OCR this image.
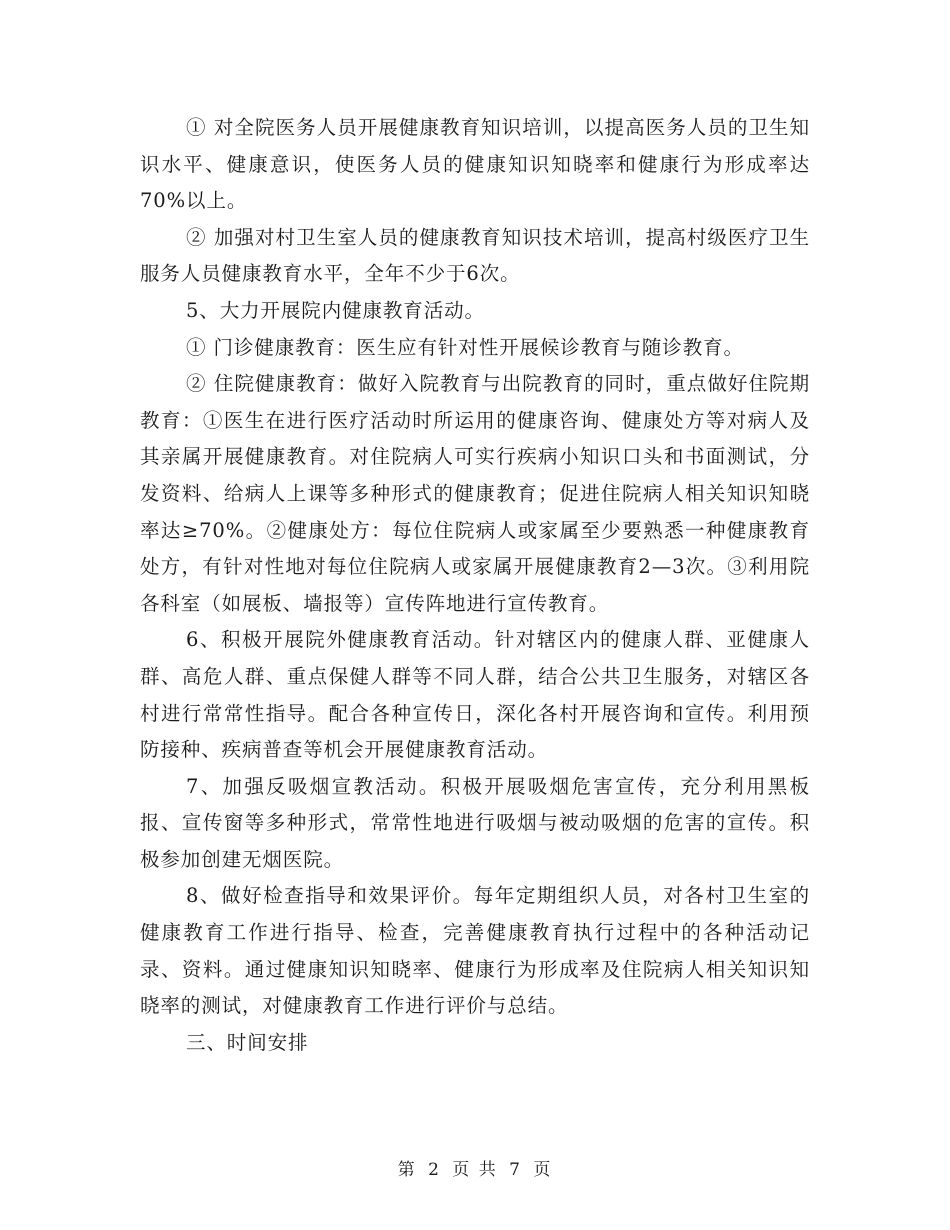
① 对全院医务人员开展健康教育知识培训，以提高医务人员的卫生知识水平、健康意识，使医务人员的健康知识知晓率和健康行为形成率达70%以上。

② 加强对村卫生室人员的健康教育知识技术培训，提高村级医疗卫生服务人员健康教育水平，全年不少于6次。

5、大力开展院内健康教育活动。

① 门诊健康教育：医生应有针对性开展候诊教育与随诊教育。

② 住院健康教育：做好入院教育与出院教育的同时，重点做好住院期教育：①医生在进行医疗活动时所运用的健康咨询、健康处方等对病人及其亲属开展健康教育。对住院病人可实行疾病小知识口头和书面测试，分发资料、给病人上课等多种形式的健康教育；促进住院病人相关知识知晓率达≥70%。②健康处方：每位住院病人或家属至少要熟悉一种健康教育处方，有针对性地对每位住院病人或家属开展健康教育2—3次。③利用院各科室（如展板、墙报等）宣传阵地进行宣传教育。

6、积极开展院外健康教育活动。针对辖区内的健康人群、亚健康人群、高危人群、重点保健人群等不同人群，结合公共卫生服务，对辖区各村进行常常性指导。配合各种宣传日，深化各村开展咨询和宣传。利用预防接种、疾病普查等机会开展健康教育活动。

7、加强反吸烟宣教活动。积极开展吸烟危害宣传，充分利用黑板报、宣传窗等多种形式，常常性地进行吸烟与被动吸烟的危害的宣传。积极参加创建无烟医院。

8、做好检查指导和效果评价。每年定期组织人员，对各村卫生室的健康教育工作进行指导、检查，完善健康教育执行过程中的各种活动记录、资料。通过健康知识知晓率、健康行为形成率及住院病人相关知识知晓率的测试，对健康教育工作进行评价与总结。

三、时间安排

第 2 页 共 7 页
